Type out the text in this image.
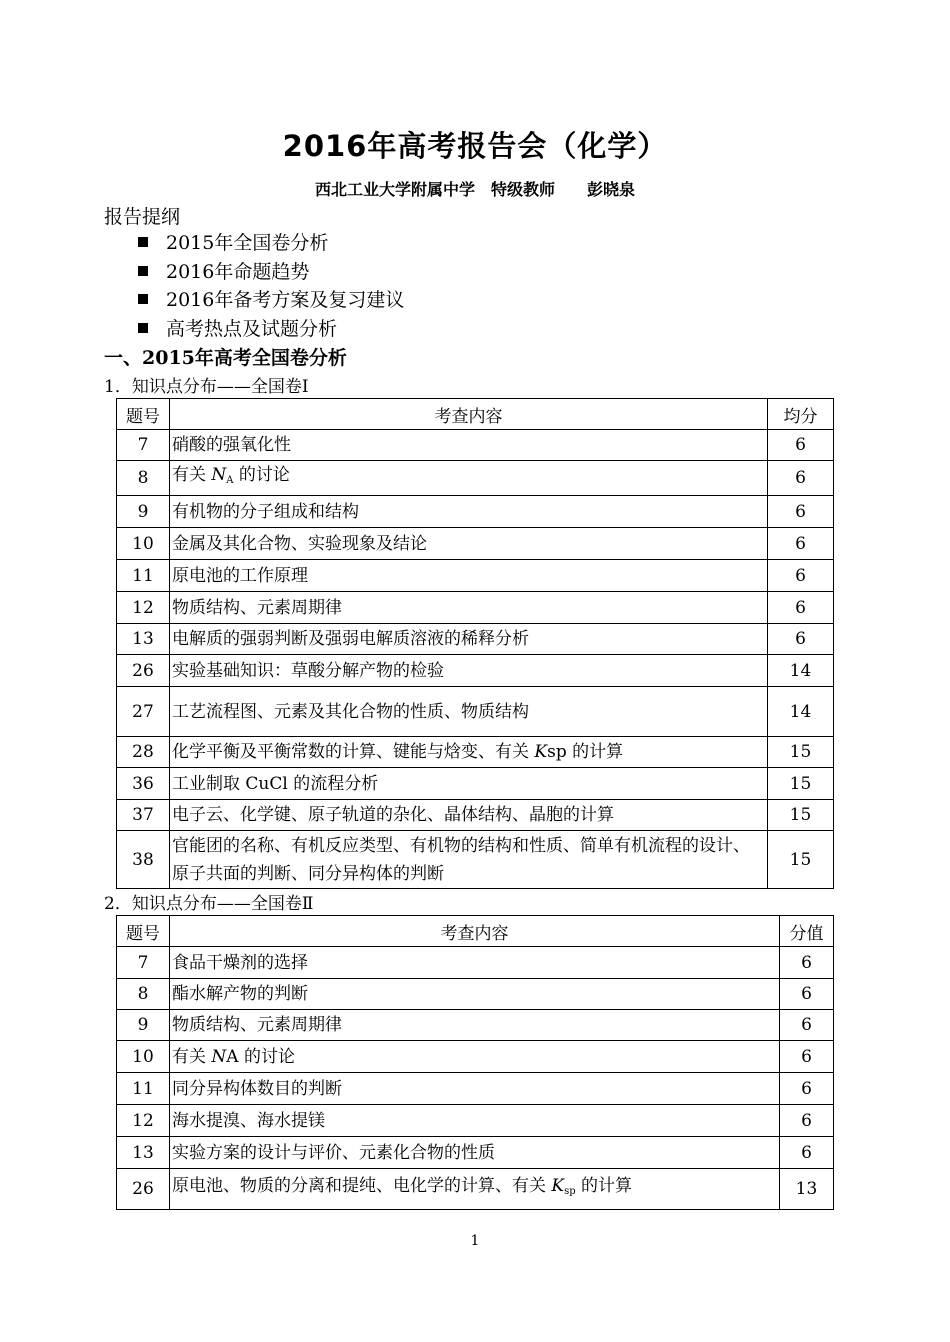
2016年高考报告会（化学）
西北工业大学附属中学　特级教师　　彭晓泉
报告提纲
2015年全国卷分析
2016年命题趋势
2016年备考方案及复习建议
高考热点及试题分析
一、2015年高考全国卷分析
1．知识点分布——全国卷Ⅰ
题号	考查内容	均分
7	硝酸的强氧化性	6
8	有关 $N_A$ 的讨论	6
9	有机物的分子组成和结构	6
10	金属及其化合物、实验现象及结论	6
11	原电池的工作原理	6
12	物质结构、元素周期律	6
13	电解质的强弱判断及强弱电解质溶液的稀释分析	6
26	实验基础知识：草酸分解产物的检验	14
27	工艺流程图、元素及其化合物的性质、物质结构	14
28	化学平衡及平衡常数的计算、键能与焓变、有关 Ksp 的计算	15
36	工业制取 CuCl 的流程分析	15
37	电子云、化学键、原子轨道的杂化、晶体结构、晶胞的计算	15
38	官能团的名称、有机反应类型、有机物的结构和性质、简单有机流程的设计、原子共面的判断、同分异构体的判断	15
2．知识点分布——全国卷Ⅱ
题号	考查内容	分值
7	食品干燥剂的选择	6
8	酯水解产物的判断	6
9	物质结构、元素周期律	6
10	有关 NA 的讨论	6
11	同分异构体数目的判断	6
12	海水提溴、海水提镁	6
13	实验方案的设计与评价、元素化合物的性质	6
26	原电池、物质的分离和提纯、电化学的计算、有关 $K_{sp}$ 的计算	13
1
